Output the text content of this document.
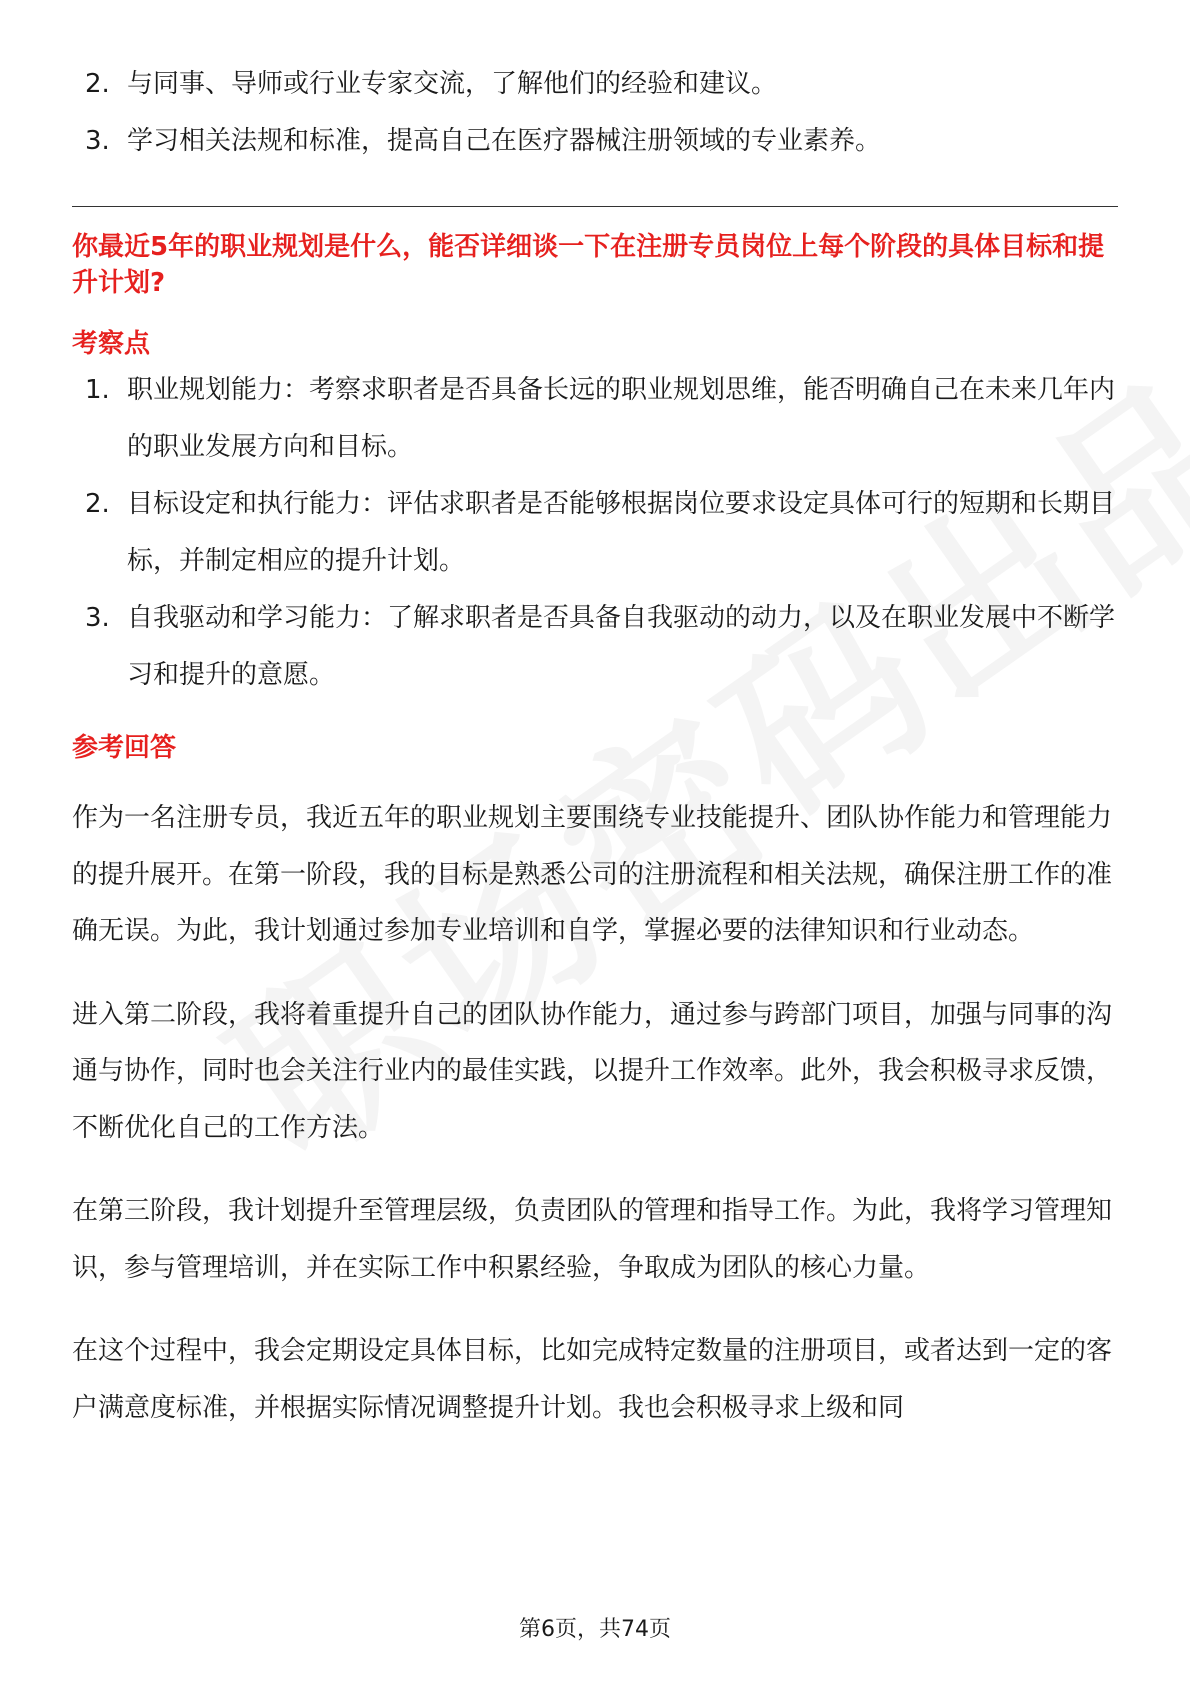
2. 与同事、导师或行业专家交流，了解他们的经验和建议。
3. 学习相关法规和标准，提高自己在医疗器械注册领域的专业素养。
你最近5年的职业规划是什么，能否详细谈一下在注册专员岗位上每个阶段的具体目标和提升计划?
考察点
1. 职业规划能力：考察求职者是否具备长远的职业规划思维，能否明确自己在未来几年内的职业发展方向和目标。
2. 目标设定和执行能力：评估求职者是否能够根据岗位要求设定具体可行的短期和长期目标，并制定相应的提升计划。
3. 自我驱动和学习能力：了解求职者是否具备自我驱动的动力，以及在职业发展中不断学习和提升的意愿。
参考回答

作为一名注册专员，我近五年的职业规划主要围绕专业技能提升、团队协作能力和管理能力的提升展开。在第一阶段，我的目标是熟悉公司的注册流程和相关法规，确保注册工作的准确无误。为此，我计划通过参加专业培训和自学，掌握必要的法律知识和行业动态。

进入第二阶段，我将着重提升自己的团队协作能力，通过参与跨部门项目，加强与同事的沟通与协作，同时也会关注行业内的最佳实践，以提升工作效率。此外，我会积极寻求反馈，不断优化自己的工作方法。

在第三阶段，我计划提升至管理层级，负责团队的管理和指导工作。为此，我将学习管理知识，参与管理培训，并在实际工作中积累经验，争取成为团队的核心力量。

在这个过程中，我会定期设定具体目标，比如完成特定数量的注册项目，或者达到一定的客户满意度标准，并根据实际情况调整提升计划。我也会积极寻求上级和同

第6页，共74页
